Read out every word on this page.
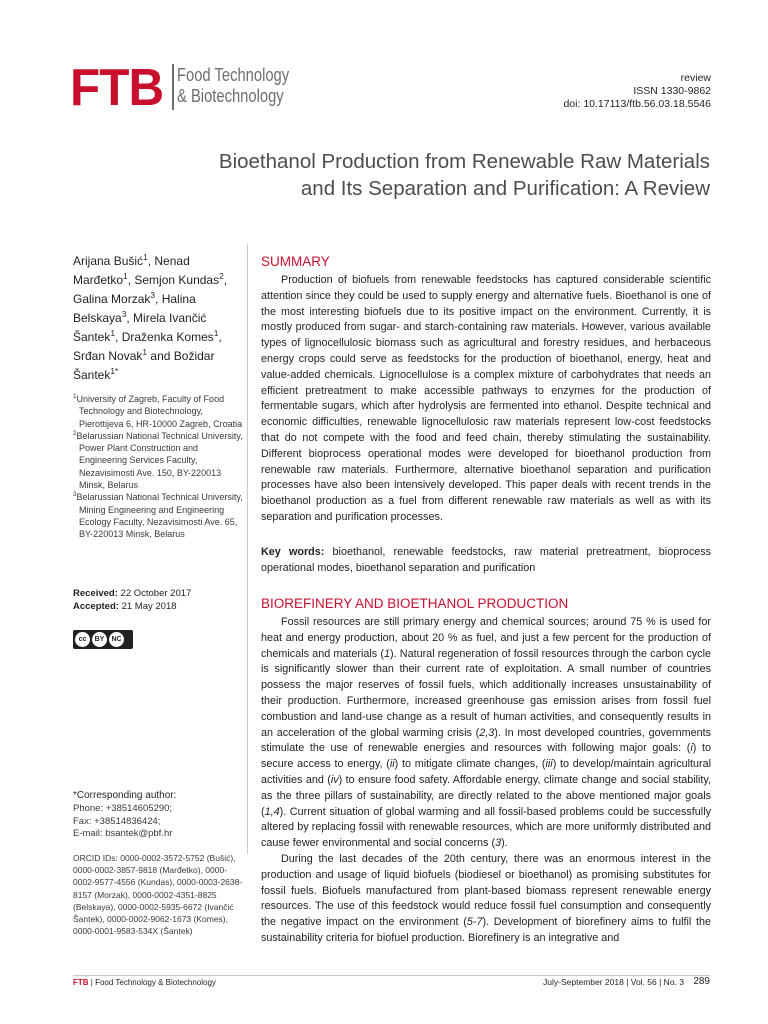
FTB Food Technology
& Biotechnology
review
ISSN 1330-9862
doi: 10.17113/ftb.56.03.18.5546
Bioethanol Production from Renewable Raw Materials
and Its Separation and Purification: A Review
Arijana Bušić$^1$, Nenad Marđetko$^1$, Semjon Kundas$^2$, Galina Morzak$^3$, Halina Belskaya$^3$, Mirela Ivančić Šantek$^1$, Draženka Komes$^1$, Srđan Novak$^1$ and Božidar Šantek$^{1*}$

$^1$University of Zagreb, Faculty of Food Technology and Biotechnology, Pierottijeva 6, HR-10000 Zagreb, Croatia

$^2$Belarussian National Technical University, Power Plant Construction and Engineering Services Faculty, Nezavisimosti Ave. 150, BY-220013 Minsk, Belarus

$^3$Belarussian National Technical University, Mining Engineering and Engineering Ecology Faculty, Nezavisimosti Ave. 65, BY-220013 Minsk, Belarus

Received: 22 October 2017
Accepted: 21 May 2018
cc	BY	NC
*Corresponding author:
Phone: +38514605290;
Fax: +38514836424;
E-mail: bsantek@pbf.hr
ORCID IDs: 0000-0002-3572-5752 (Bušić), 0000-0002-3857-9818 (Marđetko), 0000-0002-9577-4556 (Kundas), 0000-0003-2638-8157 (Morzak), 0000-0002-4351-8825 (Belskaya), 0000-0002-5935-6672 (Ivančić Šantek), 0000-0002-9062-1673 (Komes), 0000-0001-9583-534X (Šantek)
SUMMARY

Production of biofuels from renewable feedstocks has captured considerable scientific attention since they could be used to supply energy and alternative fuels. Bioethanol is one of the most interesting biofuels due to its positive impact on the environment. Currently, it is mostly produced from sugar- and starch-containing raw materials. However, various available types of lignocellulosic biomass such as agricultural and forestry residues, and herbaceous energy crops could serve as feedstocks for the production of bioethanol, energy, heat and value-added chemicals. Lignocellulose is a complex mixture of carbohydrates that needs an efficient pretreatment to make accessible pathways to enzymes for the production of fermentable sugars, which after hydrolysis are fermented into ethanol. Despite technical and economic difficulties, renewable lignocellulosic raw materials represent low-cost feedstocks that do not compete with the food and feed chain, thereby stimulating the sustainability. Different bioprocess operational modes were developed for bioethanol production from renewable raw materials. Furthermore, alternative bioethanol separation and purification processes have also been intensively developed. This paper deals with recent trends in the bioethanol production as a fuel from different renewable raw materials as well as with its separation and purification processes.

Key words: bioethanol, renewable feedstocks, raw material pretreatment, bioprocess operational modes, bioethanol separation and purification
BIOREFINERY AND BIOETHANOL PRODUCTION

Fossil resources are still primary energy and chemical sources; around 75 % is used for heat and energy production, about 20 % as fuel, and just a few percent for the production of chemicals and materials (1). Natural regeneration of fossil resources through the carbon cycle is significantly slower than their current rate of exploitation. A small number of countries possess the major reserves of fossil fuels, which additionally increases unsustainability of their production. Furthermore, increased greenhouse gas emission arises from fossil fuel combustion and land-use change as a result of human activities, and consequently results in an acceleration of the global warming crisis (2,3). In most developed countries, governments stimulate the use of renewable energies and resources with following major goals: (i) to secure access to energy, (ii) to mitigate climate changes, (iii) to develop/maintain agricultural activities and (iv) to ensure food safety. Affordable energy, climate change and social stability, as the three pillars of sustainability, are directly related to the above mentioned major goals (1,4). Current situation of global warming and all fossil-based problems could be successfully altered by replacing fossil with renewable resources, which are more uniformly distributed and cause fewer environmental and social concerns (3).

During the last decades of the 20th century, there was an enormous interest in the production and usage of liquid biofuels (biodiesel or bioethanol) as promising substitutes for fossil fuels. Biofuels manufactured from plant-based biomass represent renewable energy resources. The use of this feedstock would reduce fossil fuel consumption and consequently the negative impact on the environment (5-7). Development of biorefinery aims to fulfil the sustainability criteria for biofuel production. Biorefinery is an integrative and

FTB | Food Technology & Biotechnology	July-September 2018 | Vol. 56 | No. 3 289
